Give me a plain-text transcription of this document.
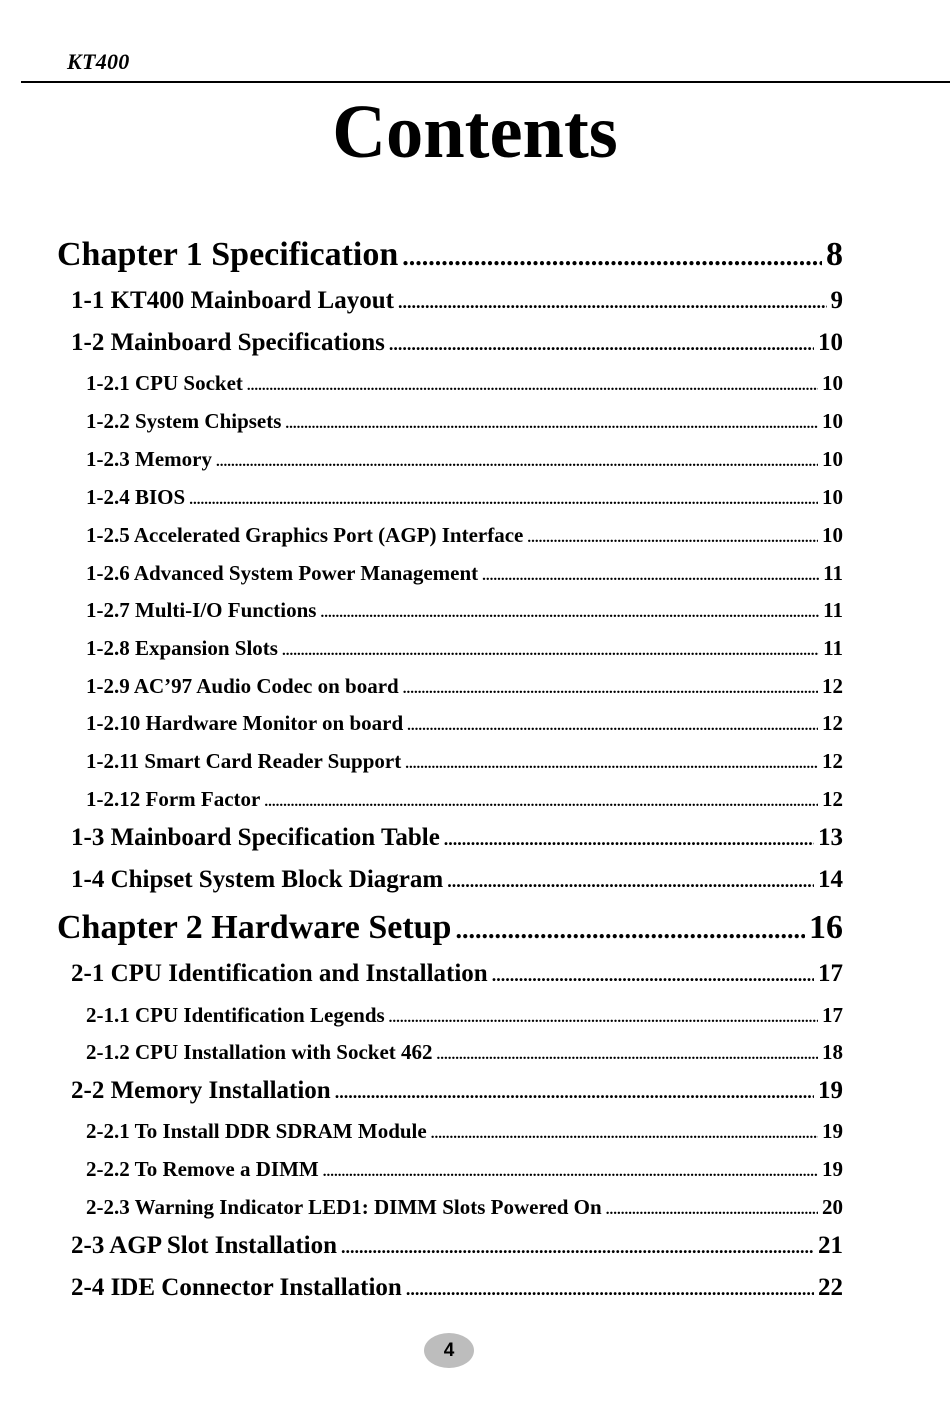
KT400
Contents
Chapter 1 Specification .....	8
1-1 KT400 Mainboard Layout .....	9
1-2 Mainboard Specifications .....	10
1-2.1 CPU Socket .....	10
1-2.2 System Chipsets .....	10
1-2.3 Memory .....	10
1-2.4 BIOS .....	10
1-2.5 Accelerated Graphics Port (AGP) Interface .....	10
1-2.6 Advanced System Power Management .....	11
1-2.7 Multi-I/O Functions .....	11
1-2.8 Expansion Slots .....	11
1-2.9 AC’97 Audio Codec on board .....	12
1-2.10 Hardware Monitor on board .....	12
1-2.11 Smart Card Reader Support .....	12
1-2.12 Form Factor .....	12
1-3 Mainboard Specification Table .....	13
1-4 Chipset System Block Diagram .....	14
Chapter 2 Hardware Setup .....	16
2-1 CPU Identification and Installation .....	17
2-1.1 CPU Identification Legends .....	17
2-1.2 CPU Installation with Socket 462 .....	18
2-2 Memory Installation .....	19
2-2.1 To Install DDR SDRAM Module .....	19
2-2.2 To Remove a DIMM .....	19
2-2.3 Warning Indicator LED1: DIMM Slots Powered On .....	20
2-3 AGP Slot Installation .....	21
2-4 IDE Connector Installation .....	22
4
